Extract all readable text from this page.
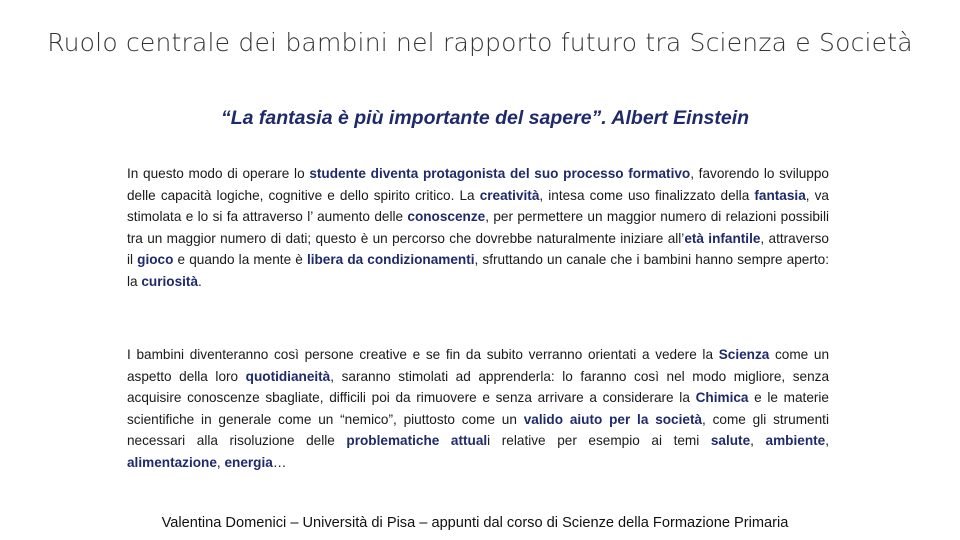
Ruolo centrale dei bambini nel rapporto futuro tra Scienza e Società
“La fantasia è più importante del sapere”. Albert Einstein

In questo modo di operare lo studente diventa protagonista del suo processo formativo, favorendo lo sviluppo delle capacità logiche, cognitive e dello spirito critico. La creatività, intesa come uso finalizzato della fantasia, va stimolata e lo si fa attraverso l’ aumento delle conoscenze, per permettere un maggior numero di relazioni possibili tra un maggior numero di dati; questo è un percorso che dovrebbe naturalmente iniziare all’età infantile, attraverso il gioco e quando la mente è libera da condizionamenti, sfruttando un canale che i bambini hanno sempre aperto: la curiosità.

I bambini diventeranno così persone creative e se fin da subito verranno orientati a vedere la Scienza come un aspetto della loro quotidianeità, saranno stimolati ad apprenderla: lo faranno così nel modo migliore, senza acquisire conoscenze sbagliate, difficili poi da rimuovere e senza arrivare a considerare la Chimica e le materie scientifiche in generale come un “nemico”, piuttosto come un valido aiuto per la società, come gli strumenti necessari alla risoluzione delle problematiche attuali relative per esempio ai temi salute, ambiente, alimentazione, energia…

Valentina Domenici – Università di Pisa – appunti dal corso di Scienze della Formazione Primaria
